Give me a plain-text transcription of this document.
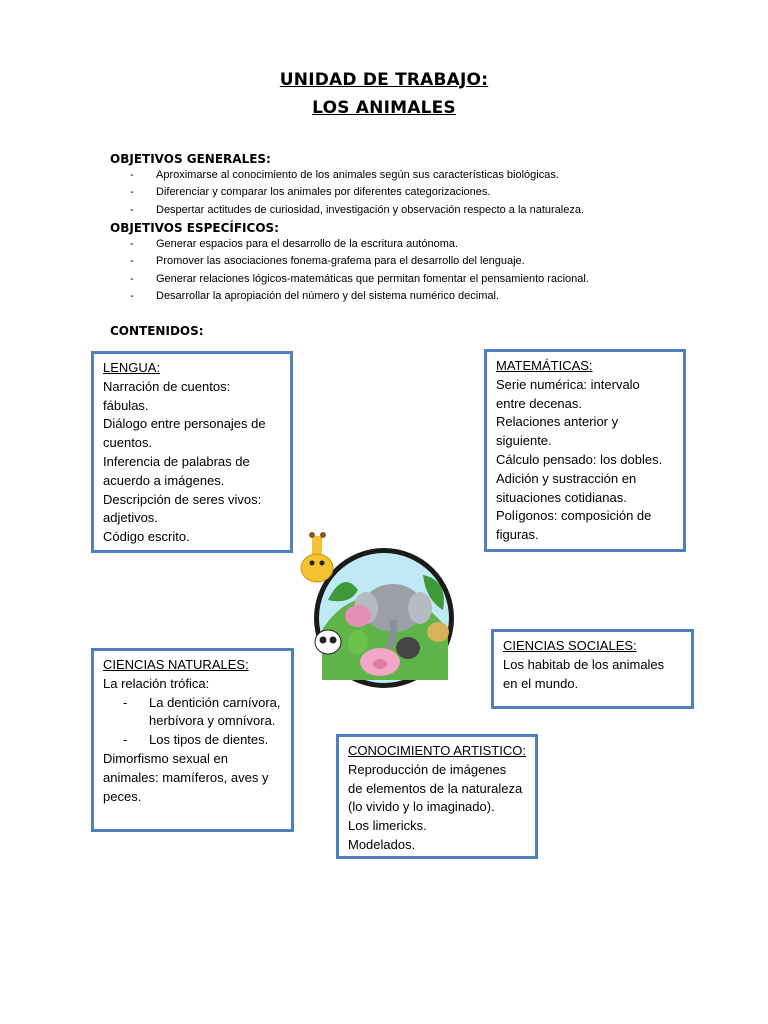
UNIDAD DE TRABAJO:
LOS ANIMALES
OBJETIVOS GENERALES:
- Aproximarse al conocimiento de los animales según sus características biológicas.
- Diferenciar y comparar los animales por diferentes categorizaciones.
- Despertar actitudes de curiosidad, investigación y observación respecto a la naturaleza.
OBJETIVOS ESPECÍFICOS:
- Generar espacios para el desarrollo de la escritura autónoma.
- Promover las asociaciones fonema-grafema para el desarrollo del lenguaje.
- Generar relaciones lógicos-matemáticas que permitan fomentar el pensamiento racional.
- Desarrollar la apropiación del número y del sistema numérico decimal.
CONTENIDOS:
LENGUA:
Narración de cuentos:
fábulas.
Diálogo entre personajes de
cuentos.
Inferencia de palabras de
acuerdo a imágenes.
Descripción de seres vivos:
adjetivos.
Código escrito.
MATEMÁTICAS:
Serie numérica: intervalo
entre decenas.
Relaciones anterior y
siguiente.
Cálculo pensado: los dobles.
Adición y sustracción en
situaciones cotidianas.
Polígonos: composición de
figuras.
CIENCIAS SOCIALES:
Los habitab de los animales
en el mundo.
CIENCIAS NATURALES:
La relación trófica:
- La dentición carnívora, herbívora y omnívora.
- Los tipos de dientes.
Dimorfismo sexual en
animales: mamíferos, aves y
peces.
CONOCIMIENTO ARTISTICO:
Reproducción de imágenes
de elementos de la naturaleza
(lo vivido y lo imaginado).
Los limericks.
Modelados.
